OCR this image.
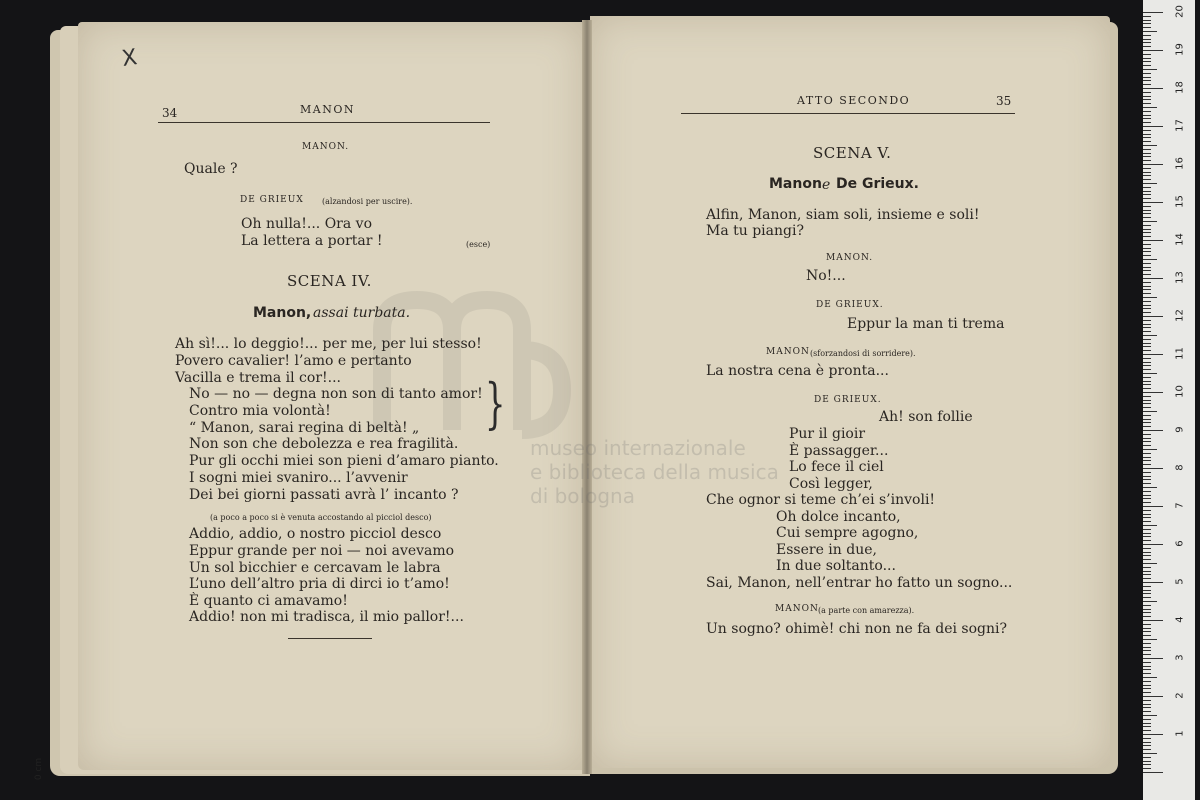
museo internazionale
e biblioteca della musica
di bologna
X
34	MANON
MANON.
Quale ?
DE GRIEUX (alzandosi per uscire).
Oh nulla!... Ora vo
La lettera a portar !	(esce)
SCENA IV.
Manon, assai turbata.
Ah sì!... lo deggio!... per me, per lui stesso!
Povero cavalier! l’amo e pertanto
Vacilla e trema il cor!...
No — no — degna non son di tanto amor!
Contro mia volontà!
“ Manon, sarai regina di beltà! „
Non son che debolezza e rea fragilità.
Pur gli occhi miei son pieni d’amaro pianto.
I sogni miei svaniro... l’avvenir
Dei bei giorni passati avrà l’ incanto ?
(a poco a poco si è venuta accostando al picciol desco)
Addio, addio, o nostro picciol desco
Eppur grande per noi — noi avevamo
Un sol bicchier e cercavam le labra
L’uno dell’altro pria di dirci io t’amo!
È quanto ci amavamo!
Addio! non mi tradisca, il mio pallor!...
}
ATTO SECONDO	35
SCENA V.
Manon e De Grieux.
Alfin, Manon, siam soli, insieme e soli!
Ma tu piangi?
MANON.
No!...
DE GRIEUX.
Eppur la man ti trema
MANON (sforzandosi di sorridere).
La nostra cena è pronta...
DE GRIEUX.
Ah! son follie
Pur il gioir
È passagger...
Lo fece il ciel
Così legger,
Che ognor si teme ch’ei s’involi!
Oh dolce incanto,
Cui sempre agogno,
Essere in due,
In due soltanto...
Sai, Manon, nell’entrar ho fatto un sogno...
MANON (a parte con amarezza).
Un sogno? ohimè! chi non ne fa dei sogni?
1
2
3
4
5
6
7
8
9
10
11
12
13
14
15
16
17
18
19
20
0 cm
